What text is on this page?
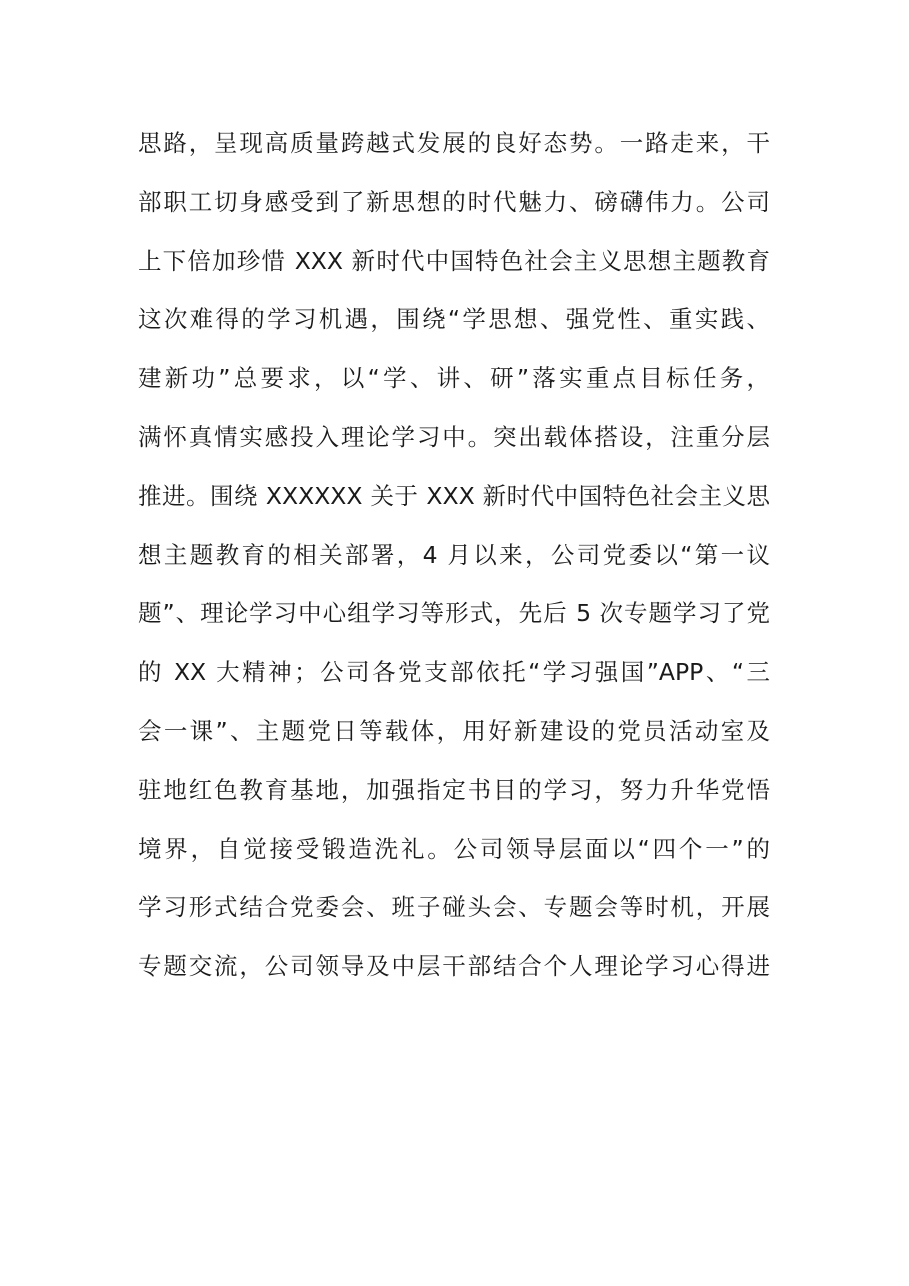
思路，呈现高质量跨越式发展的良好态势。一路走来，干
部职工切身感受到了新思想的时代魅力、磅礴伟力。公司
上下倍加珍惜 XXX 新时代中国特色社会主义思想主题教育
这次难得的学习机遇，围绕“学思想、强党性、重实践、
建新功”总要求，以“学、讲、研”落实重点目标任务，
满怀真情实感投入理论学习中。突出载体搭设，注重分层
推进。围绕 XXXXXX 关于 XXX 新时代中国特色社会主义思
想主题教育的相关部署，4 月以来，公司党委以“第一议
题”、理论学习中心组学习等形式，先后 5 次专题学习了党
的 XX 大精神；公司各党支部依托“学习强国”APP、“三
会一课”、主题党日等载体，用好新建设的党员活动室及
驻地红色教育基地，加强指定书目的学习，努力升华党悟
境界，自觉接受锻造洗礼。公司领导层面以“四个一”的
学习形式结合党委会、班子碰头会、专题会等时机，开展
专题交流，公司领导及中层干部结合个人理论学习心得进
